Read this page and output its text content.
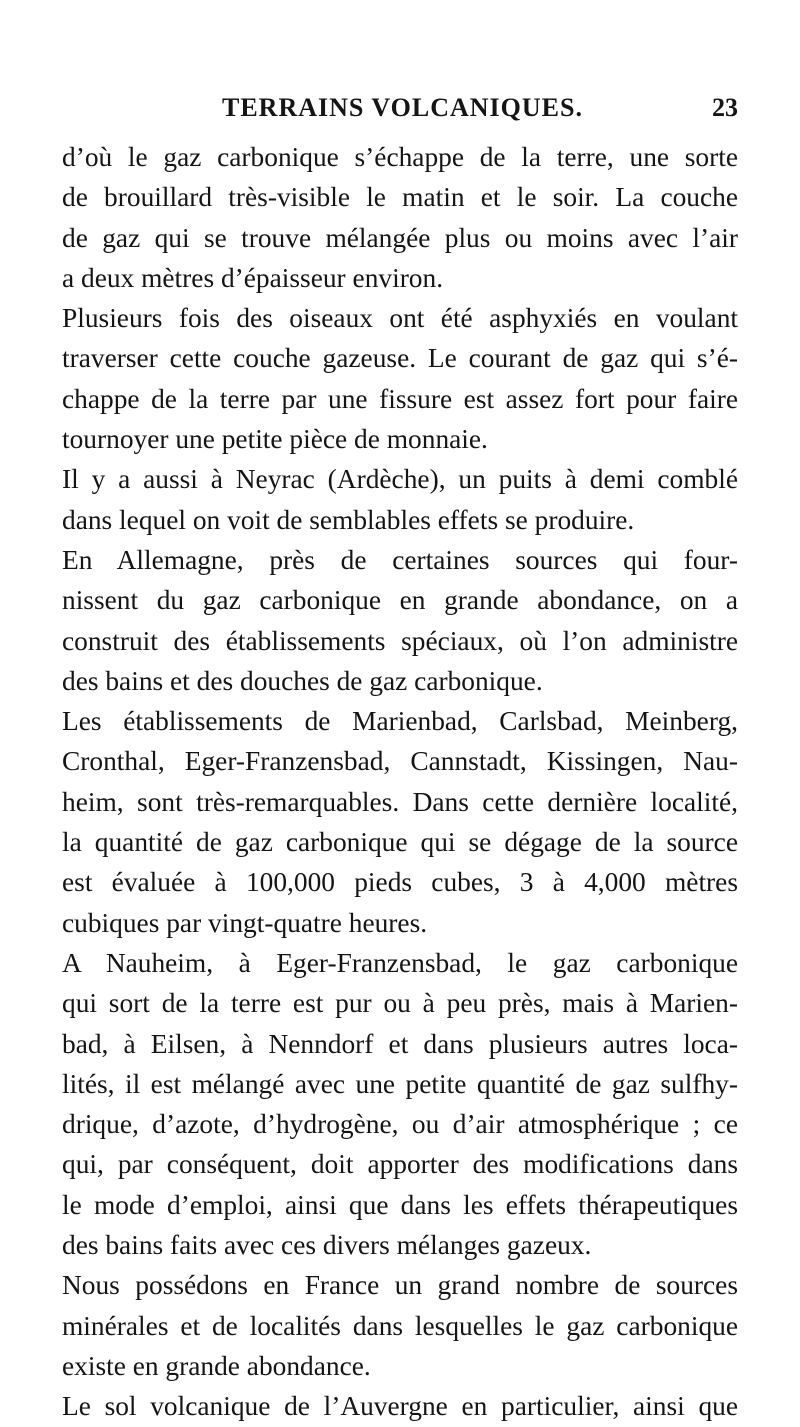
TERRAINS VOLCANIQUES.	23
d’où le gaz carbonique s’échappe de la terre, une sorte
de brouillard très-visible le matin et le soir. La couche
de gaz qui se trouve mélangée plus ou moins avec l’air
a deux mètres d’épaisseur environ.
Plusieurs fois des oiseaux ont été asphyxiés en voulant
traverser cette couche gazeuse. Le courant de gaz qui s’é-
chappe de la terre par une fissure est assez fort pour faire
tournoyer une petite pièce de monnaie.
Il y a aussi à Neyrac (Ardèche), un puits à demi comblé
dans lequel on voit de semblables effets se produire.
En Allemagne, près de certaines sources qui four-
nissent du gaz carbonique en grande abondance, on a
construit des établissements spéciaux, où l’on administre
des bains et des douches de gaz carbonique.
Les établissements de Marienbad, Carlsbad, Meinberg,
Cronthal, Eger-Franzensbad, Cannstadt, Kissingen, Nau-
heim, sont très-remarquables. Dans cette dernière localité,
la quantité de gaz carbonique qui se dégage de la source
est évaluée à 100,000 pieds cubes, 3 à 4,000 mètres
cubiques par vingt-quatre heures.
A Nauheim, à Eger-Franzensbad, le gaz carbonique
qui sort de la terre est pur ou à peu près, mais à Marien-
bad, à Eilsen, à Nenndorf et dans plusieurs autres loca-
lités, il est mélangé avec une petite quantité de gaz sulfhy-
drique, d’azote, d’hydrogène, ou d’air atmosphérique ; ce
qui, par conséquent, doit apporter des modifications dans
le mode d’emploi, ainsi que dans les effets thérapeutiques
des bains faits avec ces divers mélanges gazeux.
Nous possédons en France un grand nombre de sources
minérales et de localités dans lesquelles le gaz carbonique
existe en grande abondance.
Le sol volcanique de l’Auvergne en particulier, ainsi que
